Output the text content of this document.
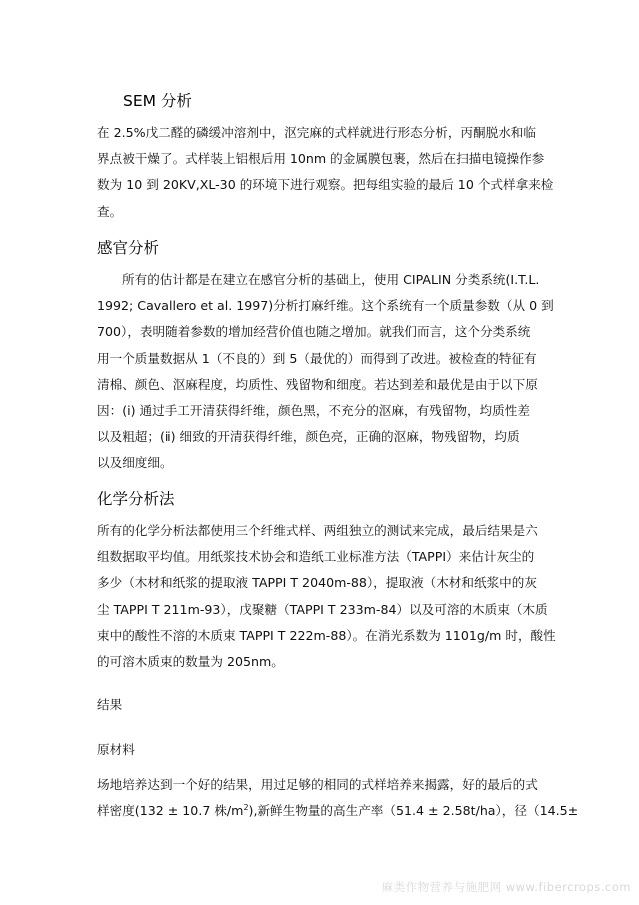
SEM 分析
在 2.5%戊二醛的磷缓冲溶剂中，沤完麻的式样就进行形态分析，丙酮脱水和临
界点被干燥了。式样装上铝根后用 10nm 的金属膜包裹，然后在扫描电镜操作参
数为 10 到 20KV,XL-30 的环境下进行观察。把每组实验的最后 10 个式样拿来检
查。
感官分析
所有的估计都是在建立在感官分析的基础上，使用 CIPALIN 分类系统(I.T.L.
1992; Cavallero et al. 1997)分析打麻纤维。这个系统有一个质量参数（从 0 到
700），表明随着参数的增加经营价值也随之增加。就我们而言，这个分类系统
用一个质量数据从 1（不良的）到 5（最优的）而得到了改进。被检查的特征有
清棉、颜色、沤麻程度，均质性、残留物和细度。若达到差和最优是由于以下原
因：(ⅰ) 通过手工开清获得纤维，颜色黑，不充分的沤麻，有残留物，均质性差
以及粗超；(ⅱ) 细致的开清获得纤维，颜色亮，正确的沤麻，物残留物，均质
以及细度细。
化学分析法
所有的化学分析法都使用三个纤维式样、两组独立的测试来完成，最后结果是六
组数据取平均值。用纸浆技术协会和造纸工业标准方法（TAPPI）来估计灰尘的
多少（木材和纸浆的提取液 TAPPI T 2040m-88），提取液（木材和纸浆中的灰
尘 TAPPI T 211m-93），戊聚糖（TAPPI T 233m-84）以及可溶的木质束（木质
束中的酸性不溶的木质束 TAPPI T 222m-88）。在消光系数为 1101g/m 时，酸性
的可溶木质束的数量为 205nm。
结果
原材料
场地培养达到一个好的结果，用过足够的相同的式样培养来揭露，好的最后的式
样密度(132 ± 10.7 株$/m^2$),新鲜生物量的高生产率（51.4 ± 2.58t/ha），径（14.5±
麻类作物营养与施肥网 www.fibercrops.com
